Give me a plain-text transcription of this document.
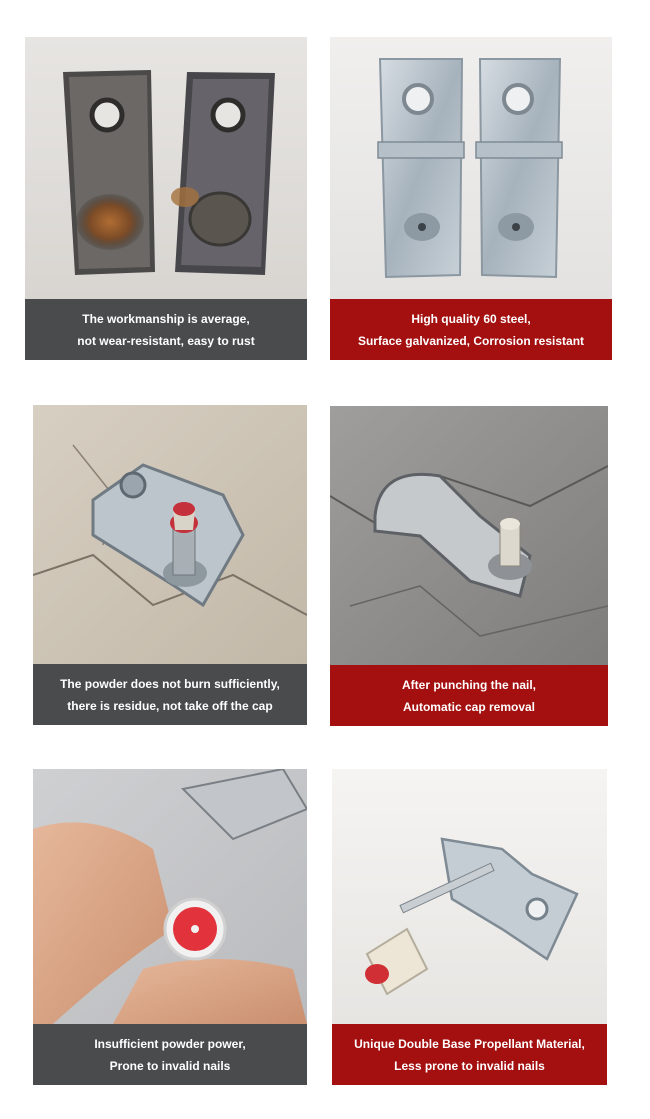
The workmanship is average,
not wear-resistant, easy to rust
High quality 60 steel,
Surface galvanized, Corrosion resistant
The powder does not burn sufficiently,
there is residue, not take off the cap
After punching the nail,
Automatic cap removal
Insufficient powder power,
Prone to invalid nails
Unique Double Base Propellant Material,
Less prone to invalid nails
